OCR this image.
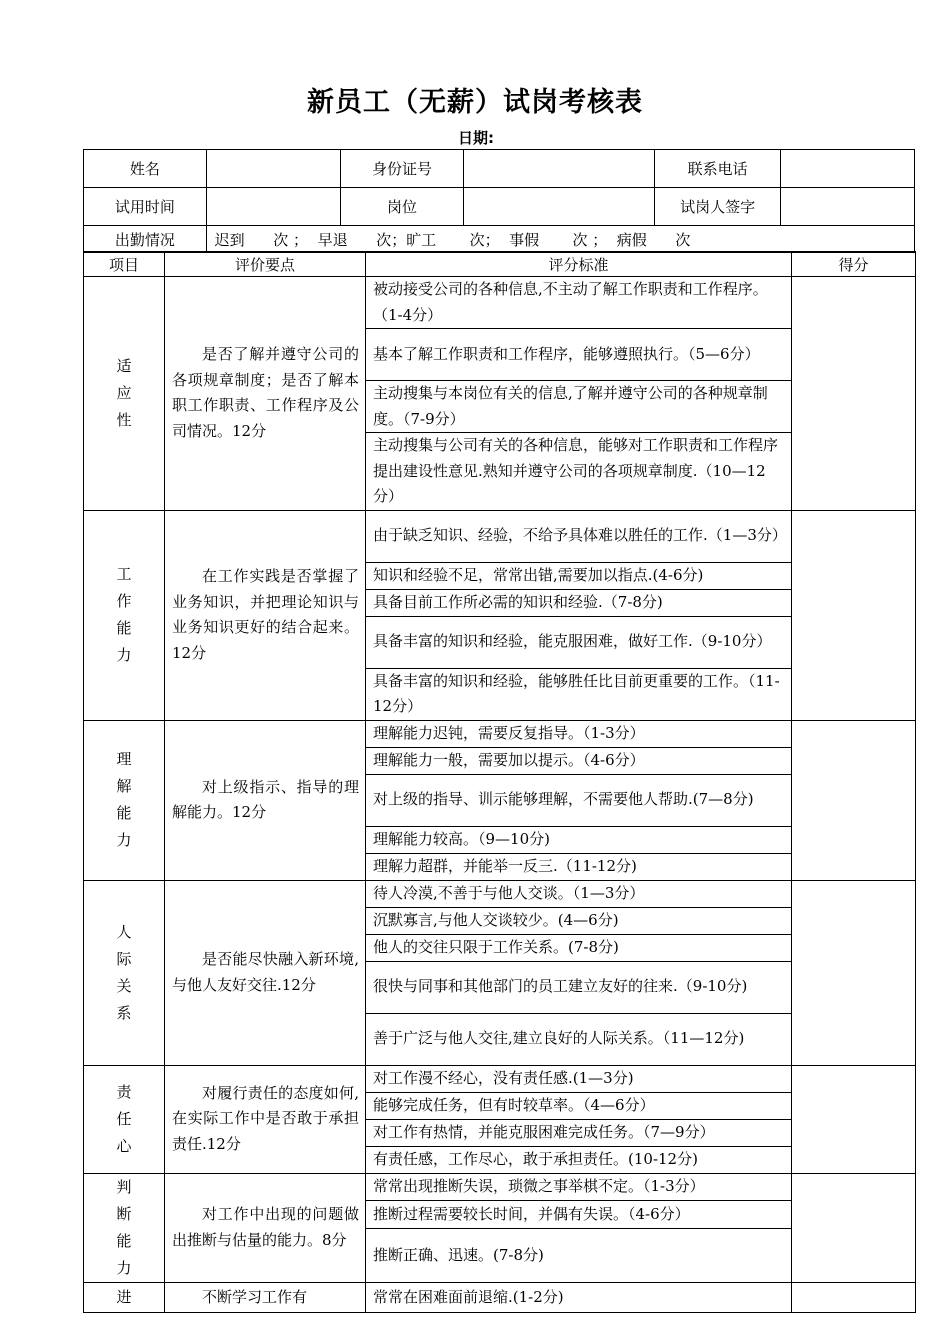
新员工（无薪）试岗考核表
日期:
姓名		身份证号		联系电话	
试用时间		岗位		试岗人签字	
出勤情况	迟到      次 ；  早退      次；旷工       次；  事假       次 ；  病假      次				
项目	评价要点	评分标准	得分
适应性	是否了解并遵守公司的各项规章制度；是否了解本职工作职责、工作程序及公司情况。12分	被动接受公司的各种信息,不主动了解工作职责和工作程序。（1-4分）	
		基本了解工作职责和工作程序，能够遵照执行。（5—6分）	
		主动搜集与本岗位有关的信息,了解并遵守公司的各种规章制度。（7-9分）	
		主动搜集与公司有关的各种信息，能够对工作职责和工作程序提出建设性意见.熟知并遵守公司的各项规章制度.（10—12分）	
工作能力	在工作实践是否掌握了业务知识，并把理论知识与业务知识更好的结合起来。12分	由于缺乏知识、经验，不给予具体难以胜任的工作.（1—3分）	
		知识和经验不足，常常出错,需要加以指点.(4-6分)	
		具备目前工作所必需的知识和经验.（7-8分)	
		具备丰富的知识和经验，能克服困难，做好工作.（9-10分）	
		具备丰富的知识和经验，能够胜任比目前更重要的工作。（11-12分）	
理解能力	对上级指示、指导的理解能力。12分	理解能力迟钝，需要反复指导。（1-3分）	
		理解能力一般，需要加以提示。（4-6分）	
		对上级的指导、训示能够理解，不需要他人帮助.(7—8分)	
		理解能力较高。（9—10分)	
		理解力超群，并能举一反三.（11-12分)	
人际关系	是否能尽快融入新环境,与他人友好交往.12分	待人冷漠,不善于与他人交谈。（1—3分）	
		沉默寡言,与他人交谈较少。(4—6分)	
		他人的交往只限于工作关系。(7-8分)	
		很快与同事和其他部门的员工建立友好的往来.（9-10分)	
		善于广泛与他人交往,建立良好的人际关系。（11—12分)	
责任心	对履行责任的态度如何,在实际工作中是否敢于承担责任.12分	对工作漫不经心，没有责任感.(1—3分)	
		能够完成任务，但有时较草率。（4—6分）	
		对工作有热情，并能克服困难完成任务。（7—9分）	
		有责任感，工作尽心，敢于承担责任。(10-12分)	
判断能力	对工作中出现的问题做出推断与估量的能力。8分	常常出现推断失误，琐微之事举棋不定。（1-3分）	
		推断过程需要较长时间，并偶有失误。（4-6分）	
		推断正确、迅速。(7-8分)	
进	不断学习工作有	常常在困难面前退缩.(1-2分)	
